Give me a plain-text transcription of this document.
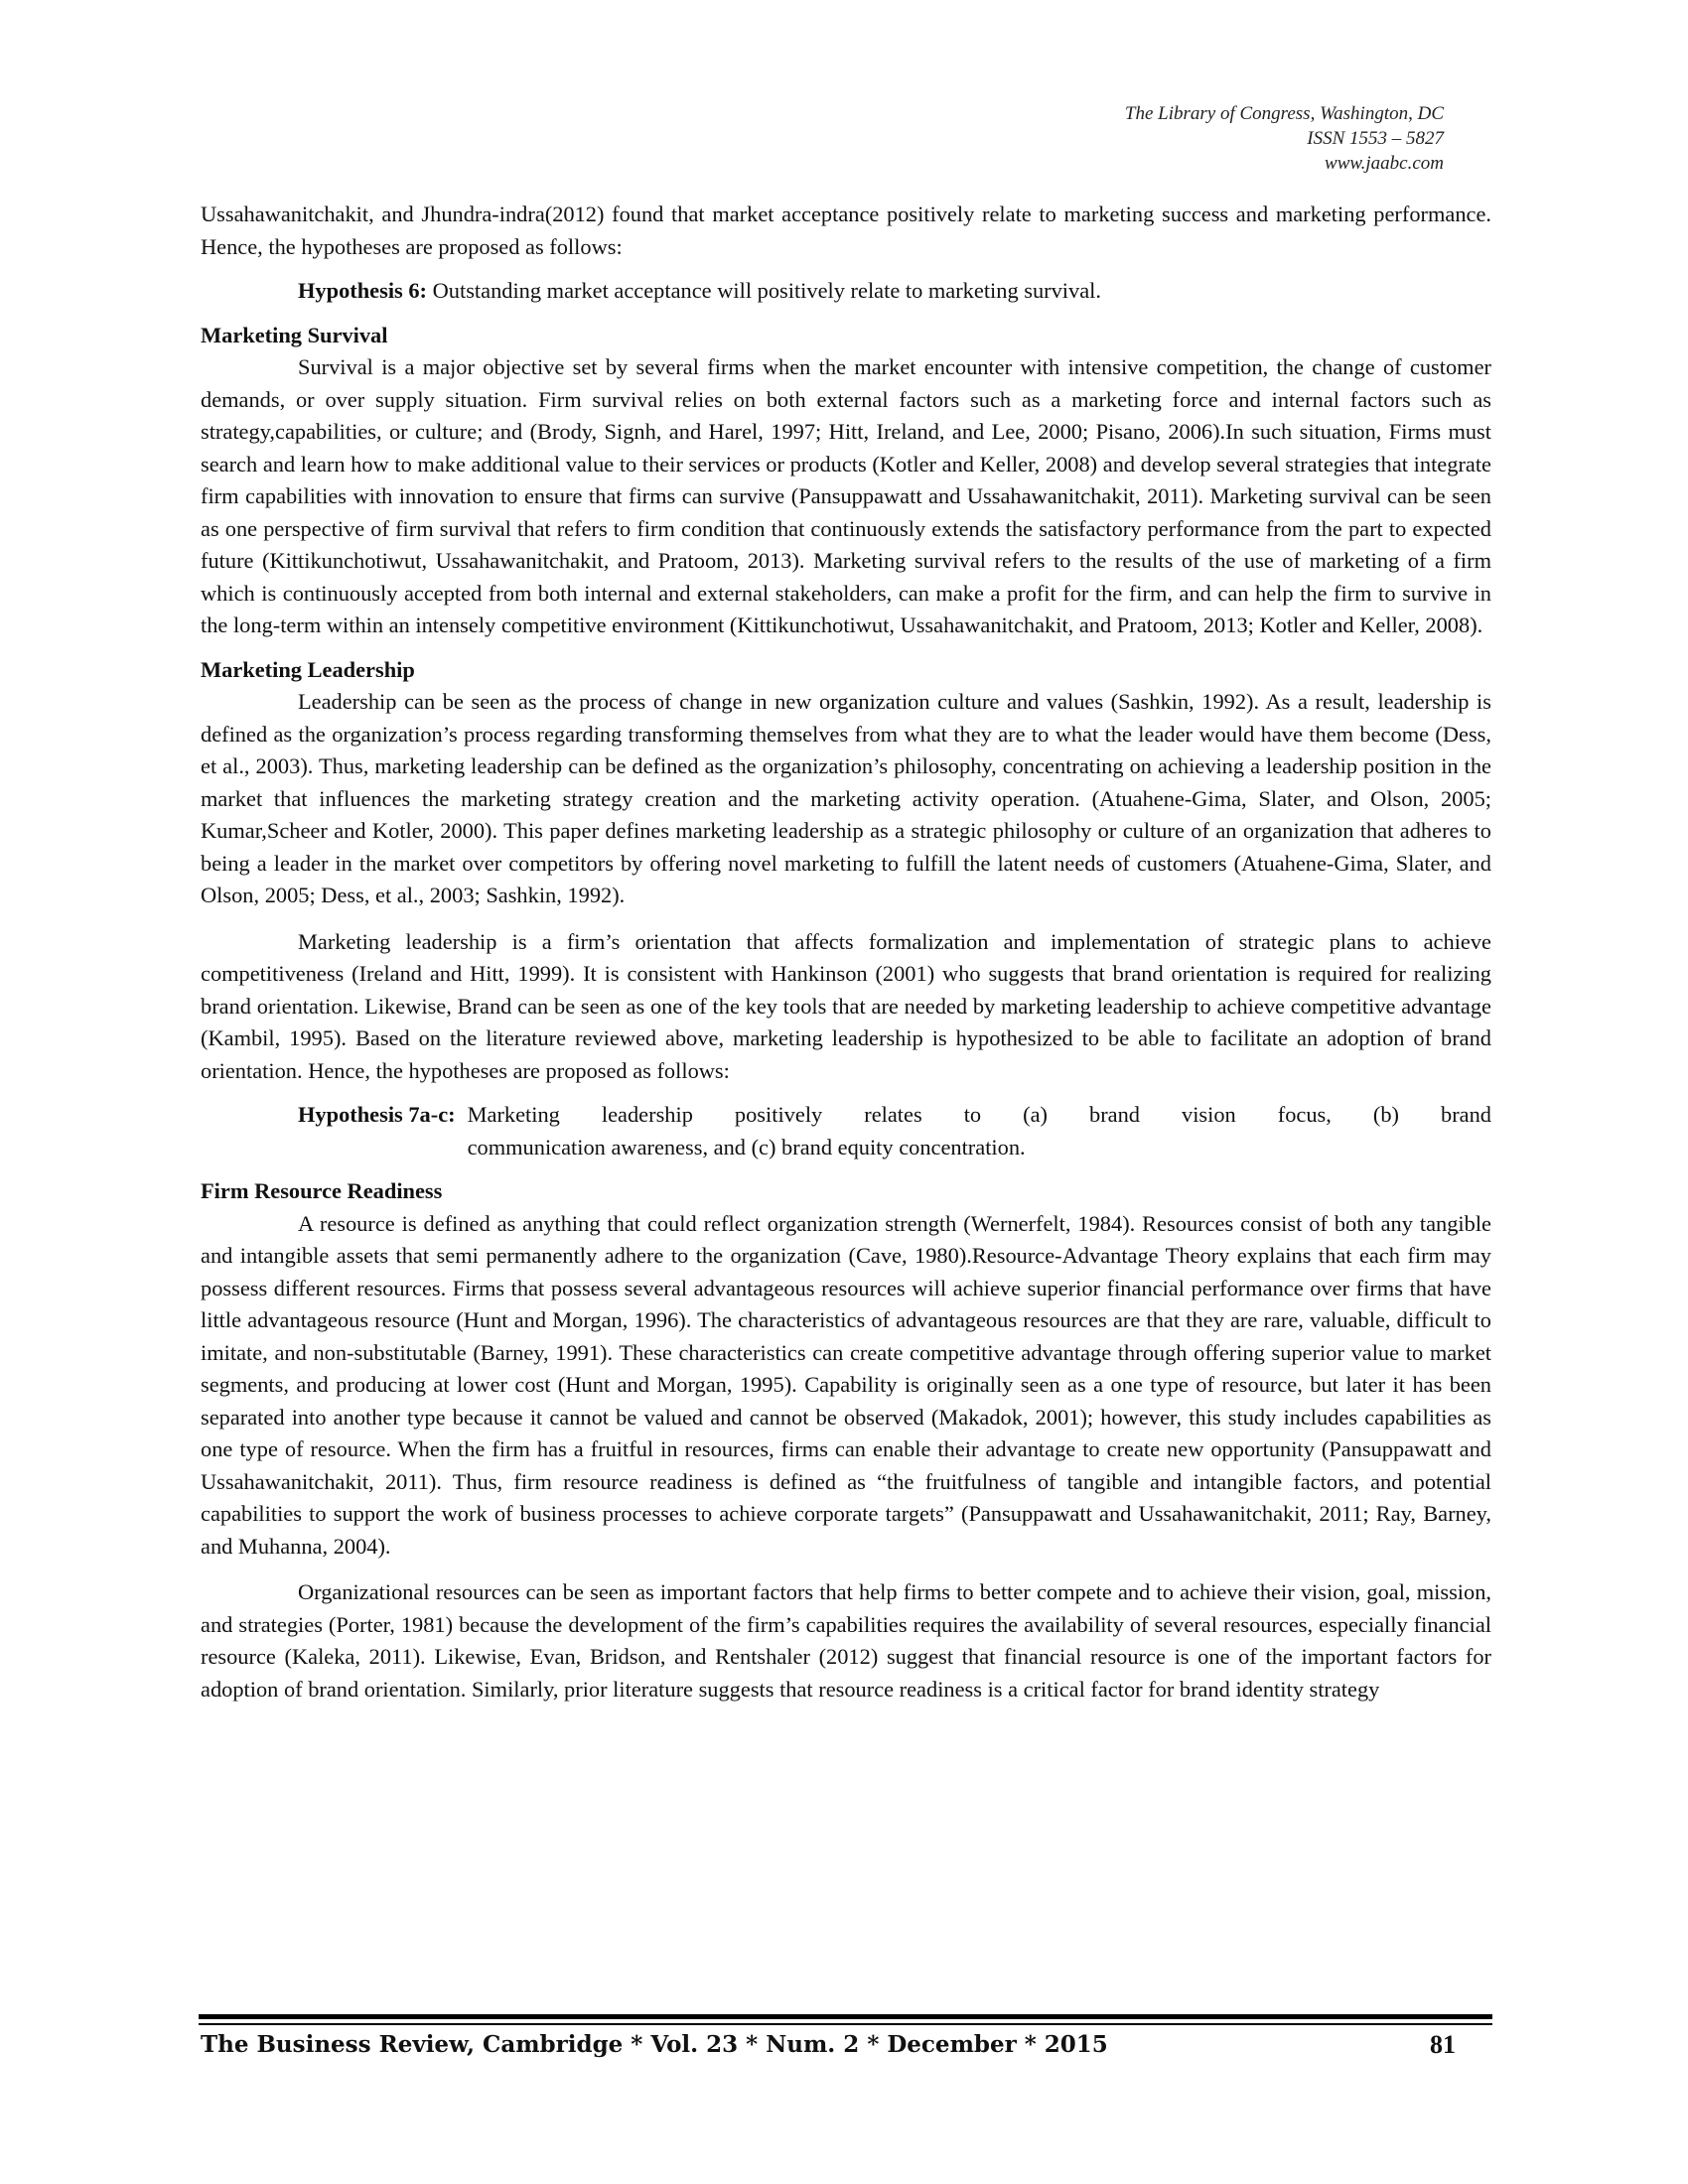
The Library of Congress, Washington, DC
ISSN 1553 – 5827
www.jaabc.com

Ussahawanitchakit, and Jhundra-indra(2012) found that market acceptance positively relate to marketing success and marketing performance. Hence, the hypotheses are proposed as follows:

Hypothesis 6: Outstanding market acceptance will positively relate to marketing survival.
Marketing Survival

Survival is a major objective set by several firms when the market encounter with intensive competition, the change of customer demands, or over supply situation. Firm survival relies on both external factors such as a marketing force and internal factors such as strategy,capabilities, or culture; and (Brody, Signh, and Harel, 1997; Hitt, Ireland, and Lee, 2000; Pisano, 2006).In such situation, Firms must search and learn how to make additional value to their services or products (Kotler and Keller, 2008) and develop several strategies that integrate firm capabilities with innovation to ensure that firms can survive (Pansuppawatt and Ussahawanitchakit, 2011). Marketing survival can be seen as one perspective of firm survival that refers to firm condition that continuously extends the satisfactory performance from the part to expected future (Kittikunchotiwut, Ussahawanitchakit, and Pratoom, 2013). Marketing survival refers to the results of the use of marketing of a firm which is continuously accepted from both internal and external stakeholders, can make a profit for the firm, and can help the firm to survive in the long-term within an intensely competitive environment (Kittikunchotiwut, Ussahawanitchakit, and Pratoom, 2013; Kotler and Keller, 2008).

Marketing Leadership

Leadership can be seen as the process of change in new organization culture and values (Sashkin, 1992). As a result, leadership is defined as the organization’s process regarding transforming themselves from what they are to what the leader would have them become (Dess, et al., 2003). Thus, marketing leadership can be defined as the organization’s philosophy, concentrating on achieving a leadership position in the market that influences the marketing strategy creation and the marketing activity operation. (Atuahene-Gima, Slater, and Olson, 2005; Kumar,Scheer and Kotler, 2000). This paper defines marketing leadership as a strategic philosophy or culture of an organization that adheres to being a leader in the market over competitors by offering novel marketing to fulfill the latent needs of customers (Atuahene-Gima, Slater, and Olson, 2005; Dess, et al., 2003; Sashkin, 1992).

Marketing leadership is a firm’s orientation that affects formalization and implementation of strategic plans to achieve competitiveness (Ireland and Hitt, 1999). It is consistent with Hankinson (2001) who suggests that brand orientation is required for realizing brand orientation. Likewise, Brand can be seen as one of the key tools that are needed by marketing leadership to achieve competitive advantage (Kambil, 1995). Based on the literature reviewed above, marketing leadership is hypothesized to be able to facilitate an adoption of brand orientation. Hence, the hypotheses are proposed as follows:

Hypothesis 7a-c: Marketing leadership positively relates to (a) brand vision focus, (b) brand
communication awareness, and (c) brand equity concentration.
Firm Resource Readiness

A resource is defined as anything that could reflect organization strength (Wernerfelt, 1984). Resources consist of both any tangible and intangible assets that semi permanently adhere to the organization (Cave, 1980).Resource-Advantage Theory explains that each firm may possess different resources. Firms that possess several advantageous resources will achieve superior financial performance over firms that have little advantageous resource (Hunt and Morgan, 1996). The characteristics of advantageous resources are that they are rare, valuable, difficult to imitate, and non-substitutable (Barney, 1991). These characteristics can create competitive advantage through offering superior value to market segments, and producing at lower cost (Hunt and Morgan, 1995). Capability is originally seen as a one type of resource, but later it has been separated into another type because it cannot be valued and cannot be observed (Makadok, 2001); however, this study includes capabilities as one type of resource. When the firm has a fruitful in resources, firms can enable their advantage to create new opportunity (Pansuppawatt and Ussahawanitchakit, 2011). Thus, firm resource readiness is defined as “the fruitfulness of tangible and intangible factors, and potential capabilities to support the work of business processes to achieve corporate targets” (Pansuppawatt and Ussahawanitchakit, 2011; Ray, Barney, and Muhanna, 2004).

Organizational resources can be seen as important factors that help firms to better compete and to achieve their vision, goal, mission, and strategies (Porter, 1981) because the development of the firm’s capabilities requires the availability of several resources, especially financial resource (Kaleka, 2011). Likewise, Evan, Bridson, and Rentshaler (2012) suggest that financial resource is one of the important factors for adoption of brand orientation. Similarly, prior literature suggests that resource readiness is a critical factor for brand identity strategy

The Business Review, Cambridge * Vol. 23 * Num. 2 * December * 2015	81
